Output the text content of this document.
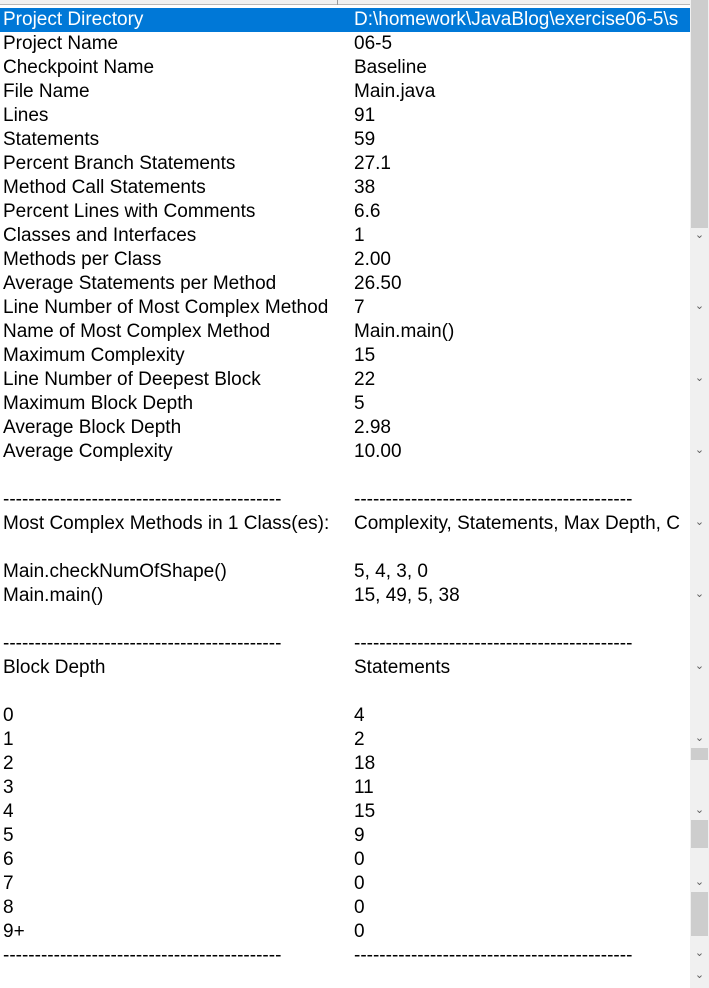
Project Directory	D:\homework\JavaBlog\exercise06-5\s
Project Name	06-5
Checkpoint Name	Baseline
File Name	Main.java
Lines	91
Statements	59
Percent Branch Statements	27.1
Method Call Statements	38
Percent Lines with Comments	6.6
Classes and Interfaces	1
Methods per Class	2.00
Average Statements per Method	26.50
Line Number of Most Complex Method	7
Name of Most Complex Method	Main.main()
Maximum Complexity	15
Line Number of Deepest Block	22
Maximum Block Depth	5
Average Block Depth	2.98
Average Complexity	10.00
--------------------------------------------	--------------------------------------------
Most Complex Methods in 1 Class(es):	Complexity, Statements, Max Depth, C
Main.checkNumOfShape()	5, 4, 3, 0
Main.main()	15, 49, 5, 38
--------------------------------------------	--------------------------------------------
Block Depth	Statements
0	4
1	2
2	18
3	11
4	15
5	9
6	0
7	0
8	0
9+	0
--------------------------------------------	--------------------------------------------
⌄
⌄
⌄
⌄
⌄
⌄
⌄
⌄
⌄
⌄
⌄
⌄
